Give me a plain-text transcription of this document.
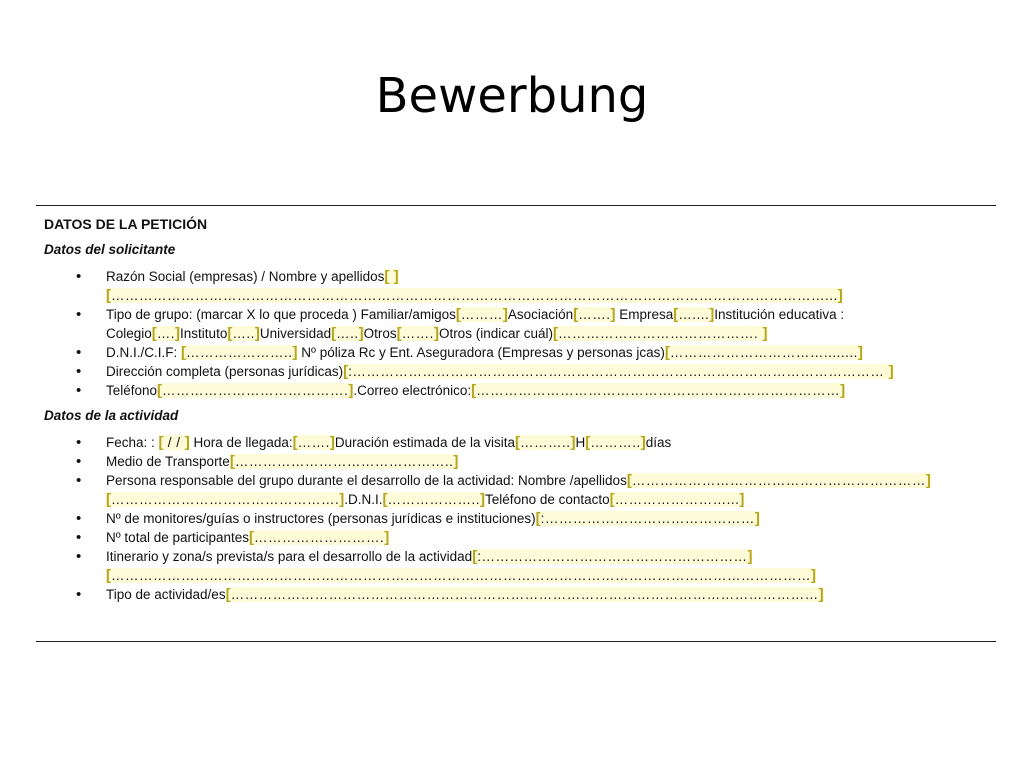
Bewerbung
DATOS DE LA PETICIÓN
Datos del solicitante
• Razón Social (empresas) / Nombre y apellidos[ ]
[………………………………………………………………………………………………………………………………………...]
• Tipo de grupo: (marcar X lo que proceda ) Familiar/amigos[………]Asociación[…….] Empresa[…....]Institución educativa :
Colegio[….]Instituto[…..]Universidad[…..]Otros[…….]Otros (indicar cuál)[……………………………………. ]
• D.N.I./C.I.F: […………………..] Nº póliza Rc y Ent. Aseguradora (Empresas y personas jcas)[……………………………........]
• Dirección completa (personas jurídicas)[:…………………………………………………………………………………………………… ]
• Teléfono[………………………………….].Correo electrónico:[……………………………………………………………………]
Datos de la actividad
• Fecha: : [ / / ] Hora de llegada:[…….]Duración estimada de la visita[………..]H[………..]días
• Medio de Transporte[………………………………………..]
• Persona responsable del grupo durante el desarrollo de la actividad: Nombre /apellidos[………………………………………………………]
[………………………………………….].D.N.I.[………………..]Teléfono de contacto[……………………...]
• Nº de monitores/guías o instructores (personas jurídicas e instituciones)[:………………………………………]
• Nº total de participantes[……………………….]
• Itinerario y zona/s prevista/s para el desarrollo de la actividad[:…………………………………………………]
[……………………………………………………………………………………………………………………………………]
• Tipo de actividad/es[………………………………………………………………………………………………………………]
